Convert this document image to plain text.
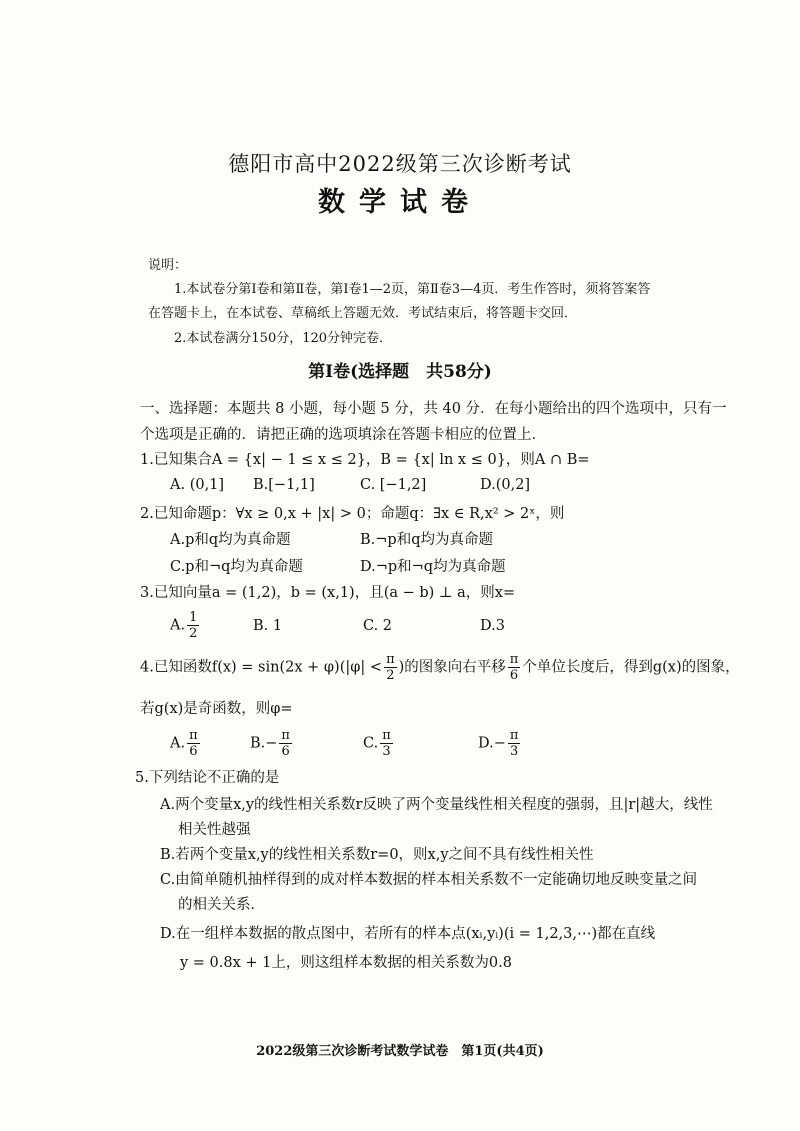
德阳市高中2022级第三次诊断考试
数学试卷
说明：
1.本试卷分第Ⅰ卷和第Ⅱ卷，第Ⅰ卷1—2页，第Ⅱ卷3—4页．考生作答时，须将答案答
在答题卡上，在本试卷、草稿纸上答题无效．考试结束后，将答题卡交回．
2.本试卷满分150分，120分钟完卷．
第Ⅰ卷(选择题　共58分)
一、选择题：本题共 8 小题，每小题 5 分，共 40 分．在每小题给出的四个选项中，只有一
个选项是正确的．请把正确的选项填涂在答题卡相应的位置上．
1.已知集合A = {x| − 1 ≤ x ≤ 2}，B = {x| ln x ≤ 0}，则A ∩ B=
A. (0,1] B.[−1,1]	C. [−1,2]	D.(0,2]
2.已知命题p：∀x ≥ 0,x + |x| > 0；命题q：∃x ∈ R,x² > 2ˣ，则
A.p和q均为真命题	B.¬p和q均为真命题
C.p和¬q均为真命题	D.¬p和¬q均为真命题
3.已知向量a = (1,2)，b = (x,1)，且(a − b) ⊥ a，则x=
A. $\frac{1}{2}$	B. 1	C. 2	D.3
4.已知函数$f(x) = \sin(2x + \varphi)(|\varphi| < \frac{\pi}{2}$ )的图象向右平移 $\frac{\pi}{6}$ 个单位长度后，得到g(x)的图象，
若g(x)是奇函数，则φ=
A. $\frac{\pi}{6}$	$B.- \frac{\pi}{6}$	C. $\frac{\pi}{3}$	$D.- \frac{\pi}{3}$
5.下列结论不正确的是
A.两个变量x,y的线性相关系数r反映了两个变量线性相关程度的强弱，且|r|越大，线性
相关性越强
B.若两个变量x,y的线性相关系数r=0，则x,y之间不具有线性相关性
C.由简单随机抽样得到的成对样本数据的样本相关系数不一定能确切地反映变量之间
的相关关系．
D.在一组样本数据的散点图中，若所有的样本点(xᵢ,yᵢ)(i = 1,2,3,⋯)都在直线
y = 0.8x + 1上，则这组样本数据的相关系数为0.8
2022级第三次诊断考试数学试卷　第1页(共4页)
